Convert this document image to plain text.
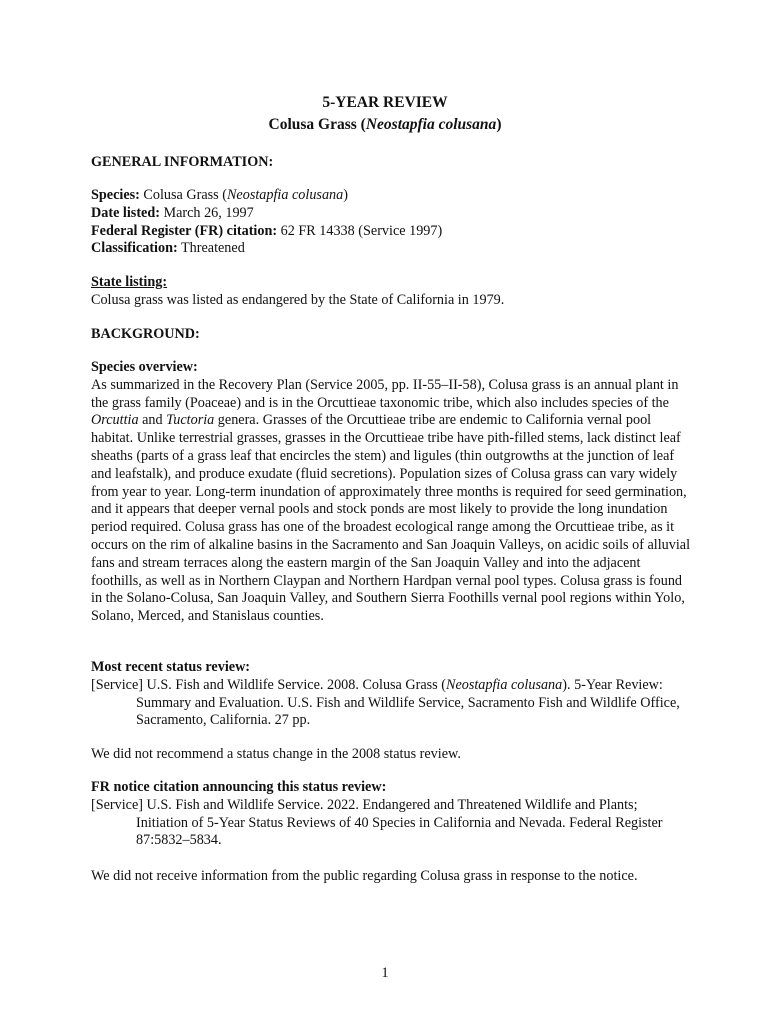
5-YEAR REVIEW
Colusa Grass (Neostapfia colusana)
GENERAL INFORMATION:

Species: Colusa Grass (Neostapfia colusana)

Date listed: March 26, 1997

Federal Register (FR) citation: 62 FR 14338 (Service 1997)

Classification: Threatened

State listing:

Colusa grass was listed as endangered by the State of California in 1979.

BACKGROUND:

Species overview:

As summarized in the Recovery Plan (Service 2005, pp. II-55–II-58), Colusa grass is an annual plant in the grass family (Poaceae) and is in the Orcuttieae taxonomic tribe, which also includes species of the Orcuttia and Tuctoria genera. Grasses of the Orcuttieae tribe are endemic to California vernal pool habitat. Unlike terrestrial grasses, grasses in the Orcuttieae tribe have pith-filled stems, lack distinct leaf sheaths (parts of a grass leaf that encircles the stem) and ligules (thin outgrowths at the junction of leaf and leafstalk), and produce exudate (fluid secretions). Population sizes of Colusa grass can vary widely from year to year. Long-term inundation of approximately three months is required for seed germination, and it appears that deeper vernal pools and stock ponds are most likely to provide the long inundation period required. Colusa grass has one of the broadest ecological range among the Orcuttieae tribe, as it occurs on the rim of alkaline basins in the Sacramento and San Joaquin Valleys, on acidic soils of alluvial fans and stream terraces along the eastern margin of the San Joaquin Valley and into the adjacent foothills, as well as in Northern Claypan and Northern Hardpan vernal pool types. Colusa grass is found in the Solano-Colusa, San Joaquin Valley, and Southern Sierra Foothills vernal pool regions within Yolo, Solano, Merced, and Stanislaus counties.

Most recent status review:

[Service] U.S. Fish and Wildlife Service. 2008. Colusa Grass (Neostapfia colusana). 5-Year Review: Summary and Evaluation. U.S. Fish and Wildlife Service, Sacramento Fish and Wildlife Office, Sacramento, California. 27 pp.

We did not recommend a status change in the 2008 status review.

FR notice citation announcing this status review:

[Service] U.S. Fish and Wildlife Service. 2022. Endangered and Threatened Wildlife and Plants; Initiation of 5-Year Status Reviews of 40 Species in California and Nevada. Federal Register 87:5832–5834.

We did not receive information from the public regarding Colusa grass in response to the notice.
1
